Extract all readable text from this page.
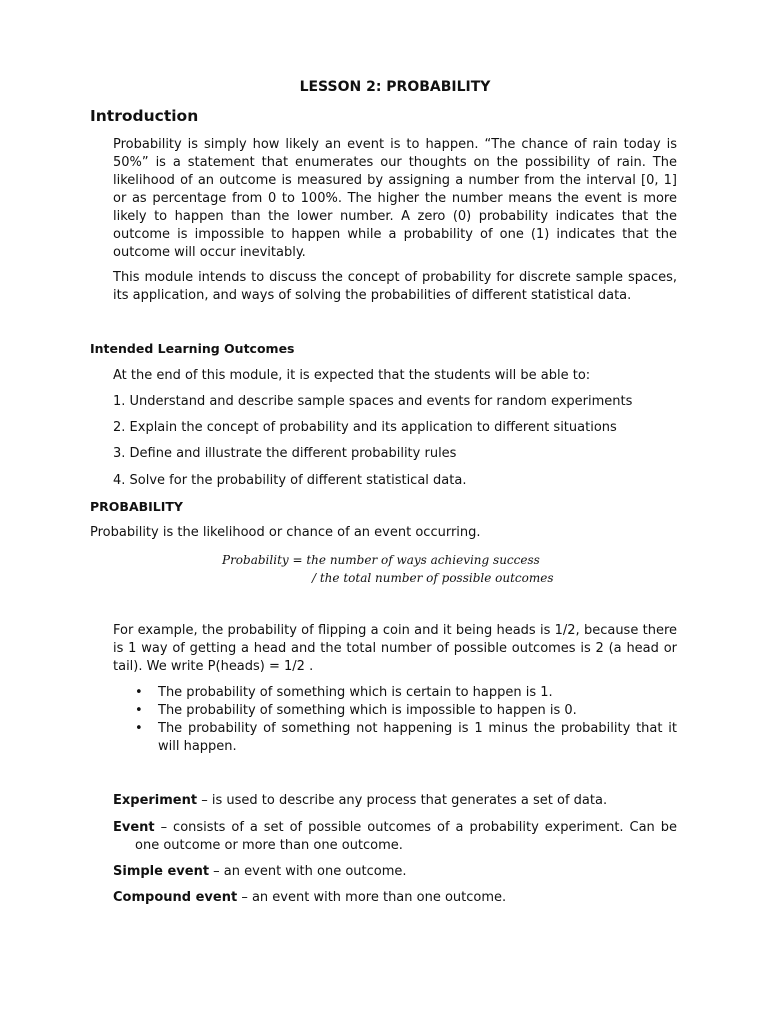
LESSON 2: PROBABILITY
Introduction

Probability is simply how likely an event is to happen. “The chance of rain today is 50%” is a statement that enumerates our thoughts on the possibility of rain. The likelihood of an outcome is measured by assigning a number from the interval [0, 1] or as percentage from 0 to 100%. The higher the number means the event is more likely to happen than the lower number. A zero (0) probability indicates that the outcome is impossible to happen while a probability of one (1) indicates that the outcome will occur inevitably.

This module intends to discuss the concept of probability for discrete sample spaces, its application, and ways of solving the probabilities of different statistical data.

Intended Learning Outcomes

At the end of this module, it is expected that the students will be able to:

1. Understand and describe sample spaces and events for random experiments

2. Explain the concept of probability and its application to different situations

3. Define and illustrate the different probability rules

4. Solve for the probability of different statistical data.

PROBABILITY

Probability is the likelihood or chance of an event occurring.

Probability = the number of ways achieving success
/ the total number of possible outcomes

For example, the probability of flipping a coin and it being heads is 1/2, because there is 1 way of getting a head and the total number of possible outcomes is 2 (a head or tail). We write P(heads) = 1/2 .

• The probability of something which is certain to happen is 1.
• The probability of something which is impossible to happen is 0.
• The probability of something not happening is 1 minus the probability that it will happen.

Experiment – is used to describe any process that generates a set of data.

Event – consists of a set of possible outcomes of a probability experiment. Can be one outcome or more than one outcome.

Simple event – an event with one outcome.

Compound event – an event with more than one outcome.
